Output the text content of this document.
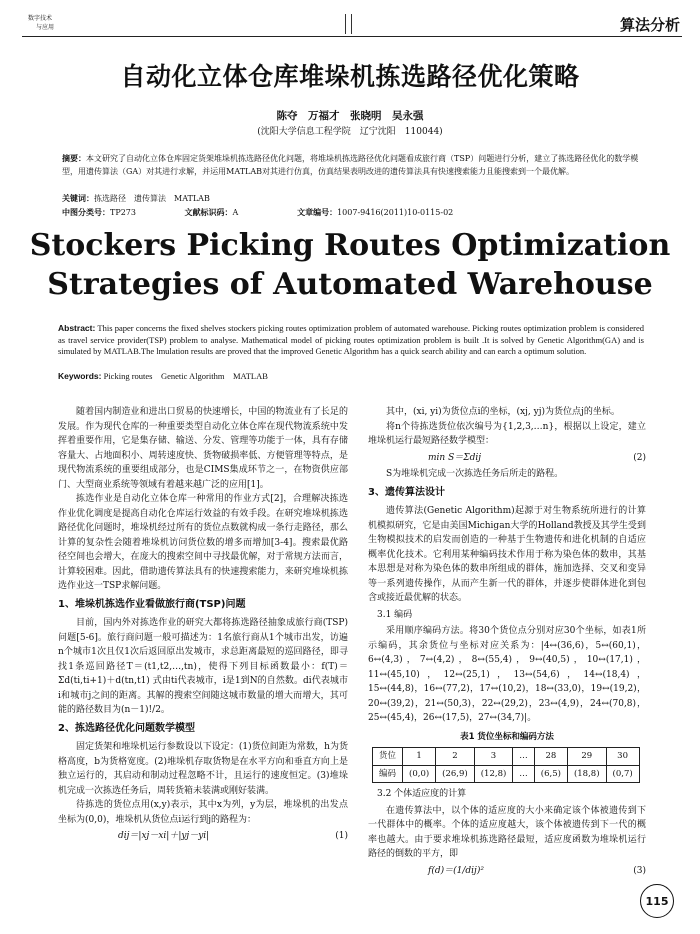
数字技术
与应用	算法分析
自动化立体仓库堆垛机拣选路径优化策略
陈夺　万福才　张晓明　吴永强
(沈阳大学信息工程学院　辽宁沈阳　110044)
摘要：本文研究了自动化立体仓库固定货架堆垛机拣选路径优化问题，将堆垛机拣选路径优化问题看成旅行商（TSP）问题进行分析，建立了拣选路径优化的数学模型，用遗传算法（GA）对其进行求解，并运用MATLAB对其进行仿真，仿真结果表明改进的遗传算法具有快速搜索能力且能搜索到一个最优解。
关键词：拣选路径　遗传算法　MATLAB
中图分类号：TP273	文献标识码：A	文章编号：1007-9416(2011)10-0115-02
Stockers Picking Routes Optimization
Strategies of Automated Warehouse
Abstract: This paper concerns the fixed shelves stockers picking routes optimization problem of automated warehouse. Picking routes optimization problem is considered as travel service provider(TSP) problem to analyse. Mathematical model of picking routes optimization problem is built .It is solved by Genetic Algorithm(GA) and is simulated by MATLAB.The lmulation results are proved that the improved Genetic Algorithm has a quick search ability and can earch a optimum solution.
Keywords: Picking routes　Genetic Algorithm　MATLAB

随着国内制造业和进出口贸易的快速增长，中国的物流业有了长足的发展。作为现代仓库的一种重要类型自动化立体仓库在现代物流系统中发挥着重要作用，它是集存储、输送、分发、管理等功能于一体，具有存储容量大、占地面积小、周转速度快、货物破损率低、方便管理等特点，是现代物流系统的重要组成部分，也是CIMS集成环节之一，在物资供应部门、大型商业系统等领域有着越来越广泛的应用[1]。

拣选作业是自动化立体仓库一种常用的作业方式[2]，合理解决拣选作业优化调度是提高自动化仓库运行效益的有效手段。在研究堆垛机拣选路径优化问题时，堆垛机经过所有的货位点数就构成一条行走路径，那么计算的复杂性会随着堆垛机访问货位数的增多而增加[3-4]。搜索最优路径空间也会增大，在庞大的搜索空间中寻找最优解，对于常规方法而言，计算较困难。因此，借助遗传算法具有的快速搜索能力，来研究堆垛机拣选作业这一TSP求解问题。

1、堆垛机拣选作业看做旅行商(TSP)问题

目前，国内外对拣选作业的研究大都将拣选路径抽象成旅行商(TSP)问题[5-6]。旅行商问题一般可描述为：1名旅行商从1个城市出发，访遍n个城市1次且仅1次后返回原出发城市，求总距离最短的巡回路径，即寻找1条巡回路径T＝(t1,t2,…,tn)，使得下列目标函数最小：f(T)＝Σd(ti,ti+1)＋d(tn,t1) 式由ti代表城市，i是1到N的自然数。di代表城市i和城市j之间的距离。其解的搜索空间随这城市数量的增大而增大，其可能的路径数目为(n－1)!/2。

2、拣选路径优化问题数学模型

固定货架和堆垛机运行参数设以下设定：(1)货位间距为常数，h为货格高度，b为货格宽度。(2)堆垛机存取货物是在水平方向和垂直方向上是独立运行的，其启动和制动过程忽略不计，且运行的速度恒定。(3)堆垛机完成一次拣选任务后，周转货箱未装满或刚好装满。

待拣选的货位点用(x,y)表示，其中x为列，y为层，堆垛机的出发点坐标为(0,0)，堆垛机从货位点i运行到j的路程为：

dij＝|xj－xi|＋|yj－yi|	(1)

其中，(xi, yi)为货位点i的坐标，(xj, yj)为货位点j的坐标。

将n个待拣选货位依次编号为{1,2,3,…n}，根据以上设定，建立堆垛机运行最短路径数学模型：

min S＝Σdij	(2)

S为堆垛机完成一次拣选任务后所走的路程。

3、遗传算法设计

遗传算法(Genetic Algorithm)起源于对生物系统所进行的计算机模拟研究，它是由美国Michigan大学的Holland教授及其学生受到生物模拟技术的启发而创造的一种基于生物遗传和进化机制的自适应概率优化技术。它利用某种编码技术作用于称为染色体的数串，其基本思想是对称为染色体的数串所组成的群体，施加选择、交叉和变异等一系列遗传操作，从而产生新一代的群体，并逐步使群体进化到包含或接近最优解的状态。

3.1 编码

采用顺序编码方法。将30个货位点分别对应30个坐标，如表1所示编码，其余货位与坐标对应关系为：|4↔(36,6)，5↔(60,1)，6↔(4,3)，7↔(4,2)，8↔(55,4)，9↔(40,5)，10↔(17,1)，11↔(45,10)，12↔(25,1)，13↔(54,6)，14↔(18,4)，15↔(44,8)，16↔(77,2)，17↔(10,2)，18↔(33,0)，19↔(19,2)，20↔(39,2)，21↔(50,3)，22↔(29,2)，23↔(4,9)，24↔(70,8)，25↔(45,4)，26↔(17,5)，27↔(34,7)|。

表1 货位坐标和编码方法
货位	1	2	3	…	28	29	30
编码	(0,0)	(26,9)	(12,8)	…	(6,5)	(18,8)	(0,7)
3.2 个体适应度的计算

在遗传算法中，以个体的适应度的大小来确定该个体被遗传到下一代群体中的概率。个体的适应度越大，该个体被遗传到下一代的概率也越大。由于要求堆垛机拣选路径最短，适应度函数为堆垛机运行路径的倒数的平方，即

f(d)＝(1/dij)²	(3)
115
